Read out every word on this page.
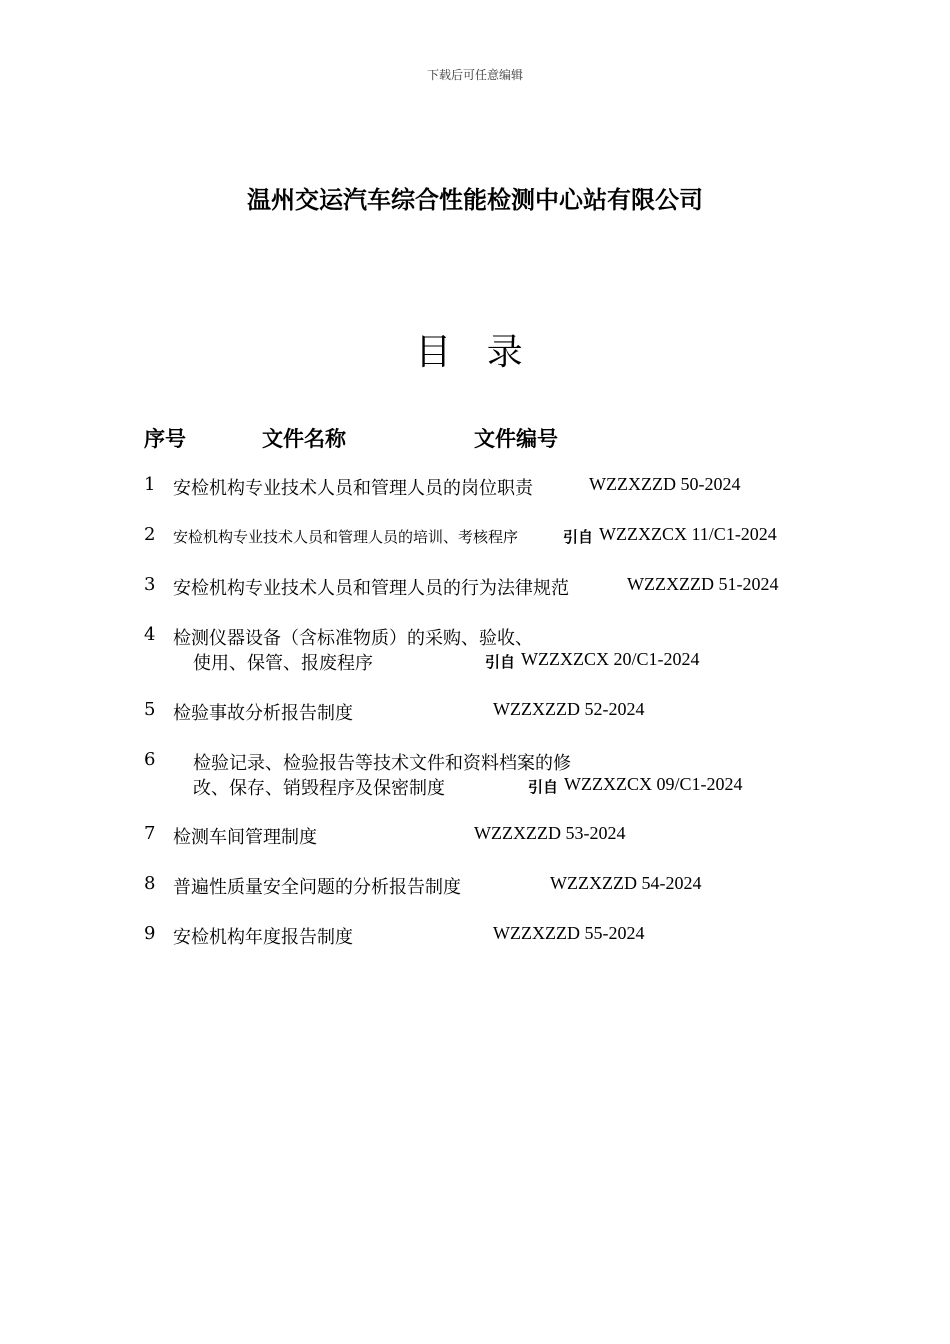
下载后可任意编辑
温州交运汽车综合性能检测中心站有限公司
目 录
序号	文件名称	文件编号
1 安检机构专业技术人员和管理人员的岗位职责	WZZXZZD 50-2024
2 安检机构专业技术人员和管理人员的培训、考核程序	引自 WZZXZCX 11/C1-2024
3 安检机构专业技术人员和管理人员的行为法律规范	WZZXZZD 51-2024
4 检测仪器设备（含标准物质）的采购、验收、
使用、保管、报废程序	引自 WZZXZCX 20/C1-2024
5 检验事故分析报告制度	WZZXZZD 52-2024
6 检验记录、检验报告等技术文件和资料档案的修
改、保存、销毁程序及保密制度	引自 WZZXZCX 09/C1-2024
7 检测车间管理制度	WZZXZZD 53-2024
8 普遍性质量安全问题的分析报告制度	WZZXZZD 54-2024
9 安检机构年度报告制度	WZZXZZD 55-2024
